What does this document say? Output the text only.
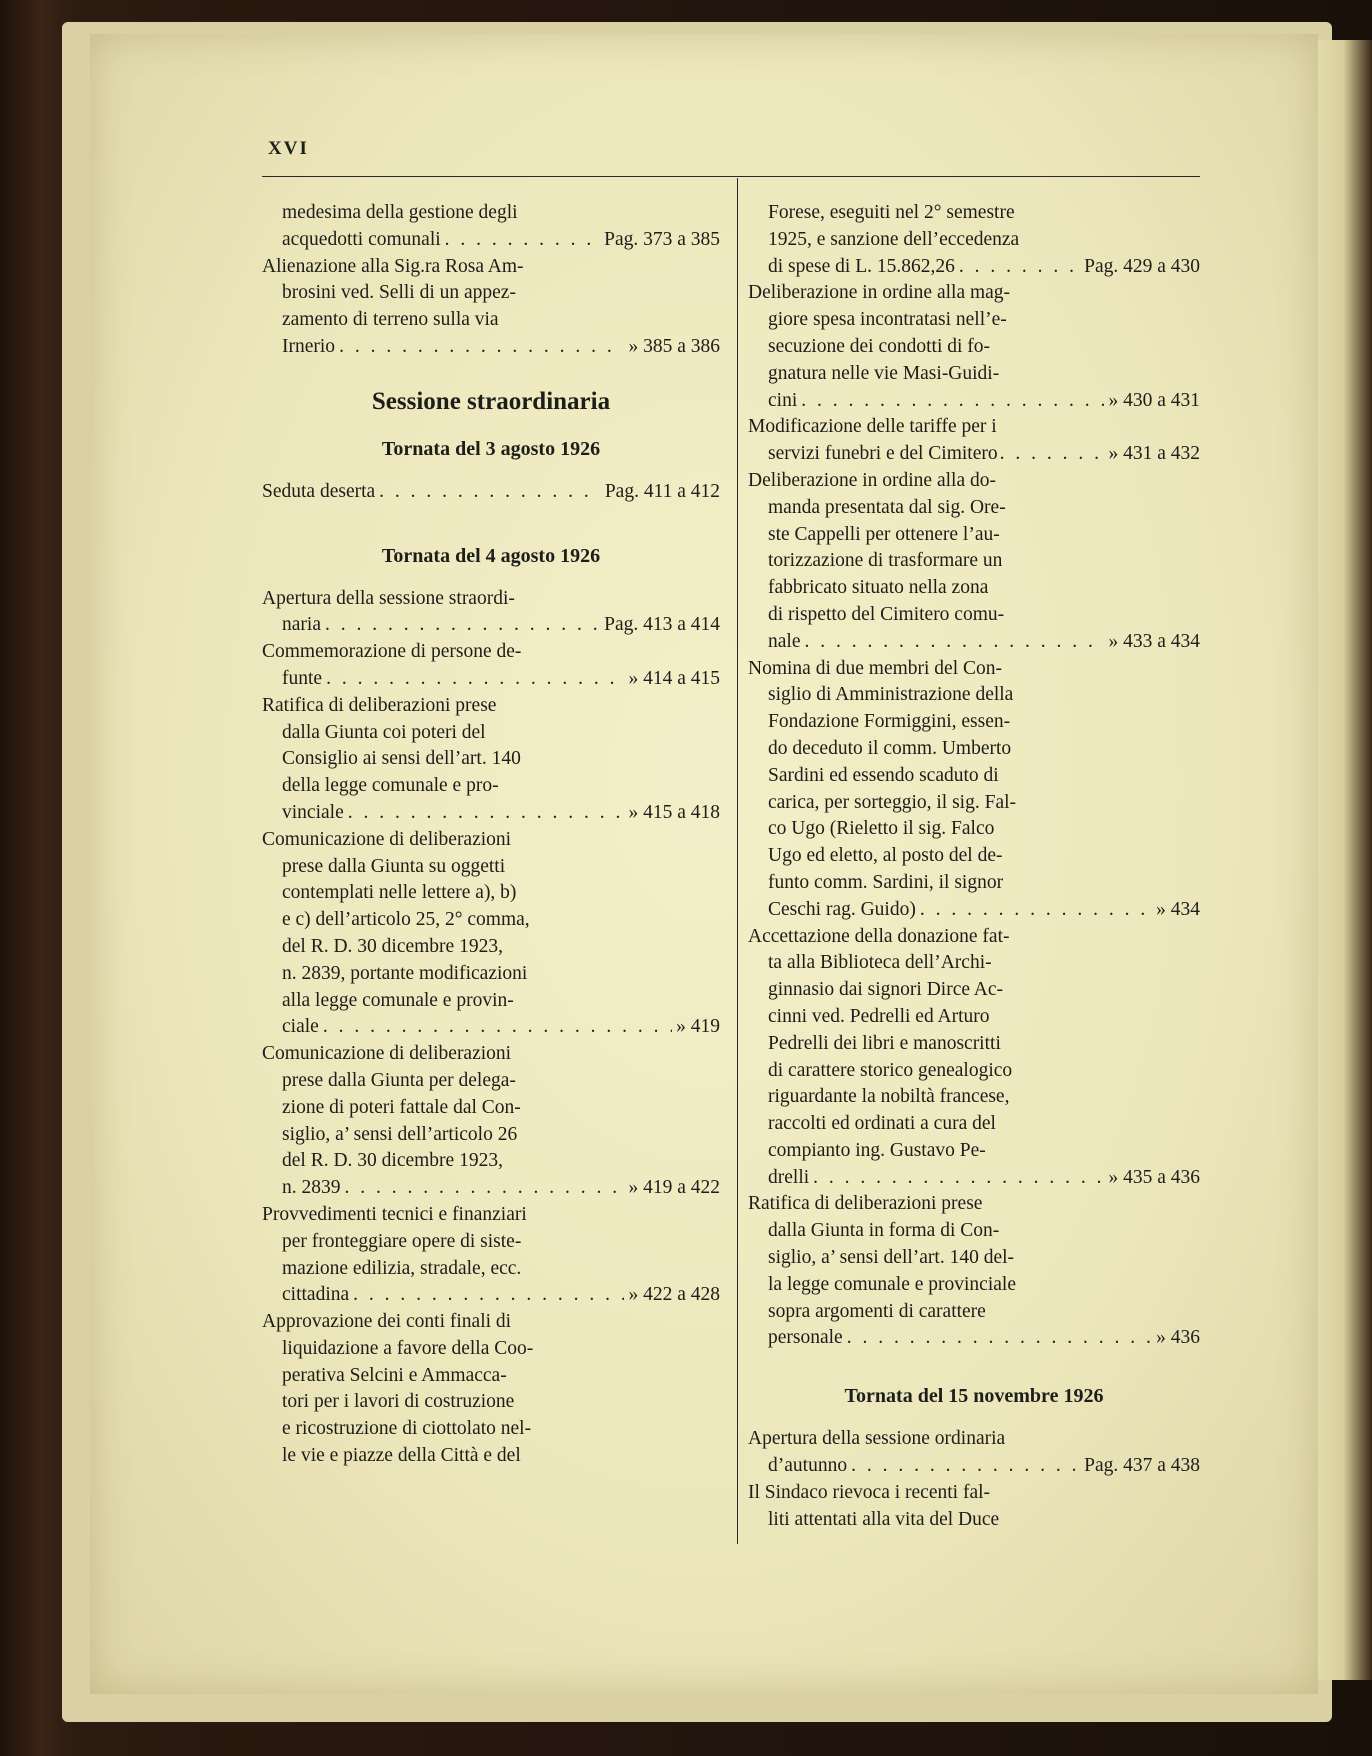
XVI
medesima della gestione degli
acquedotti comunali . . .	Pag. 373 a 385
Alienazione alla Sig.ra Rosa Am-
brosini ved. Selli di un appez-
zamento di terreno sulla via
Irnerio . . .	» 385 a 386
Sessione straordinaria
Tornata del 3 agosto 1926
Seduta deserta . . .	Pag. 411 a 412
Tornata del 4 agosto 1926
Apertura della sessione straordi-
naria . . .	Pag. 413 a 414
Commemorazione di persone de-
funte . . .	» 414 a 415
Ratifica di deliberazioni prese
dalla Giunta coi poteri del
Consiglio ai sensi dell’art. 140
della legge comunale e pro-
vinciale . . .	» 415 a 418
Comunicazione di deliberazioni
prese dalla Giunta su oggetti
contemplati nelle lettere a), b)
e c) dell’articolo 25, 2° comma,
del R. D. 30 dicembre 1923,
n. 2839, portante modificazioni
alla legge comunale e provin-
ciale . . .	» 419
Comunicazione di deliberazioni
prese dalla Giunta per delega-
zione di poteri fattale dal Con-
siglio, a’ sensi dell’articolo 26
del R. D. 30 dicembre 1923,
n. 2839 . . .	» 419 a 422
Provvedimenti tecnici e finanziari
per fronteggiare opere di siste-
mazione edilizia, stradale, ecc.
cittadina . . .	» 422 a 428
Approvazione dei conti finali di
liquidazione a favore della Coo-
perativa Selcini e Ammacca-
tori per i lavori di costruzione
e ricostruzione di ciottolato nel-
le vie e piazze della Città e del
Forese, eseguiti nel 2° semestre
1925, e sanzione dell’eccedenza
di spese di L. 15.862,26 . . .	Pag. 429 a 430
Deliberazione in ordine alla mag-
giore spesa incontratasi nell’e-
secuzione dei condotti di fo-
gnatura nelle vie Masi-Guidi-
cini . . .	» 430 a 431
Modificazione delle tariffe per i
servizi funebri e del Cimitero . . .	» 431 a 432
Deliberazione in ordine alla do-
manda presentata dal sig. Ore-
ste Cappelli per ottenere l’au-
torizzazione di trasformare un
fabbricato situato nella zona
di rispetto del Cimitero comu-
nale . . .	» 433 a 434
Nomina di due membri del Con-
siglio di Amministrazione della
Fondazione Formiggini, essen-
do deceduto il comm. Umberto
Sardini ed essendo scaduto di
carica, per sorteggio, il sig. Fal-
co Ugo (Rieletto il sig. Falco
Ugo ed eletto, al posto del de-
funto comm. Sardini, il signor
Ceschi rag. Guido) . . .	» 434
Accettazione della donazione fat-
ta alla Biblioteca dell’Archi-
ginnasio dai signori Dirce Ac-
cinni ved. Pedrelli ed Arturo
Pedrelli dei libri e manoscritti
di carattere storico genealogico
riguardante la nobiltà francese,
raccolti ed ordinati a cura del
compianto ing. Gustavo Pe-
drelli . . .	» 435 a 436
Ratifica di deliberazioni prese
dalla Giunta in forma di Con-
siglio, a’ sensi dell’art. 140 del-
la legge comunale e provinciale
sopra argomenti di carattere
personale . . .	» 436
Tornata del 15 novembre 1926
Apertura della sessione ordinaria
d’autunno . . .	Pag. 437 a 438
Il Sindaco rievoca i recenti fal-
liti attentati alla vita del Duce
